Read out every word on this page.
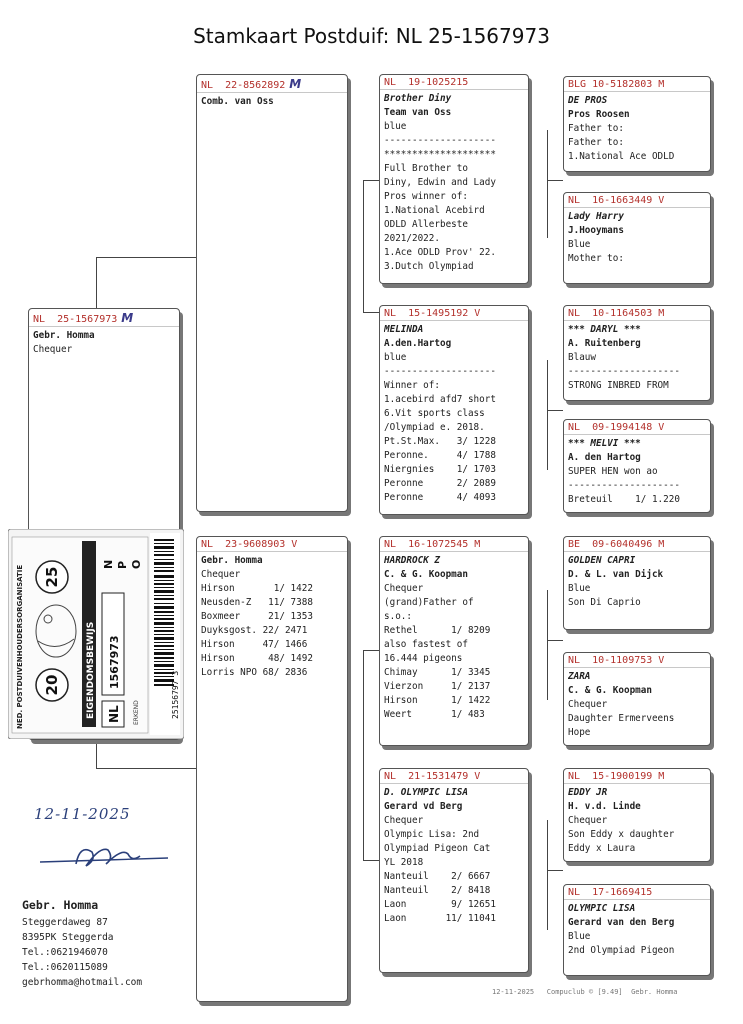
Stamkaart Postduif: NL 25-1567973
NL  25-1567973 M
Gebr. Homma
Chequer
NL  22-8562892 M
Comb. van Oss
NL  23-9608903 V
Gebr. Homma
Chequer
Hirson       1/ 1422
Neusden-Z   11/ 7388
Boxmeer     21/ 1353
Duyksgost. 22/ 2471
Hirson     47/ 1466
Hirson      48/ 1492
Lorris NPO 68/ 2836
NL  19-1025215
Brother Diny
Team van Oss
blue
--------------------
********************
Full Brother to
Diny, Edwin and Lady
Pros winner of:
1.National Acebird
ODLD Allerbeste
2021/2022.
1.Ace ODLD Prov' 22.
3.Dutch Olympiad
NL  15-1495192 V
MELINDA
A.den.Hartog
blue
--------------------
Winner of:
1.acebird afd7 short
6.Vit sports class
/Olympiad e. 2018.
Pt.St.Max.   3/ 1228
Peronne.     4/ 1788
Niergnies    1/ 1703
Peronne      2/ 2089
Peronne      4/ 4093
NL  16-1072545 M
HARDROCK Z
C. & G. Koopman
Chequer
(grand)Father of
s.o.:
Rethel      1/ 8209
also fastest of
16.444 pigeons
Chimay      1/ 3345
Vierzon     1/ 2137
Hirson      1/ 1422
Weert       1/ 483
NL  21-1531479 V
D. OLYMPIC LISA
Gerard vd Berg
Chequer
Olympic Lisa: 2nd
Olympiad Pigeon Cat
YL 2018
Nanteuil    2/ 6667
Nanteuil    2/ 8418
Laon        9/ 12651
Laon       11/ 11041
BLG 10-5182803 M
DE PROS
Pros Roosen
Father to:
Father to:
1.National Ace ODLD
NL  16-1663449 V
Lady Harry
J.Hooymans
Blue
Mother to:
NL  10-1164503 M
*** DARYL ***
A. Ruitenberg
Blauw
--------------------
STRONG INBRED FROM
NL  09-1994148 V
*** MELVI ***
A. den Hartog
SUPER HEN won ao
--------------------
Breteuil    1/ 1.220
BE  09-6040496 M
GOLDEN CAPRI
D. & L. van Dijck
Blue
Son Di Caprio
NL  10-1109753 V
ZARA
C. & G. Koopman
Chequer
Daughter Ermerveens
Hope
NL  15-1900199 M
EDDY JR
H. v.d. Linde
Chequer
Son Eddy x daughter
Eddy x Laura
NL  17-1669415
OLYMPIC LISA
Gerard van den Berg
Blue
2nd Olympiad Pigeon
NED. POSTDUIVENHOUDERSORGANISATIE 25
20	EIGENDOMSBEWIJS
N P O
NL
1567973
ERKEND	25156797 3
12-11-2025
Gebr. Homma
Steggerdaweg 87
8395PK Steggerda
Tel.:0621946070
Tel.:0620115089
gebrhomma@hotmail.com
12-11-2025   Compuclub © [9.49]  Gebr. Homma
